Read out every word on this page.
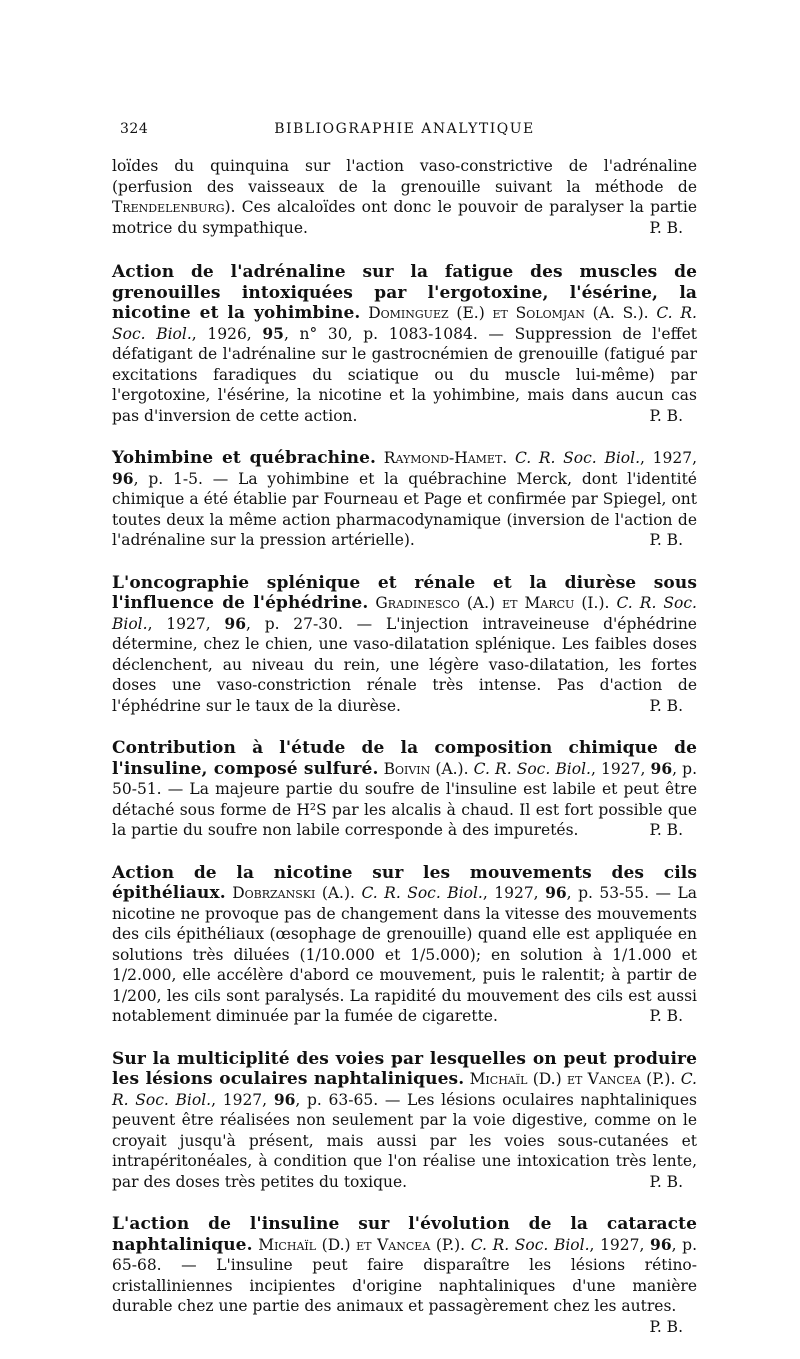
324	BIBLIOGRAPHIE ANALYTIQUE

loïdes du quinquina sur l'action vaso-constrictive de l'adrénaline (perfusion des vaisseaux de la grenouille suivant la méthode de Trendelenburg). Ces alcaloïdes ont donc le pouvoir de paralyser la partie motrice du sympathique.	P. B.

Action de l'adrénaline sur la fatigue des muscles de grenouilles intoxiquées par l'ergotoxine, l'ésérine, la nicotine et la yohimbine. Dominguez (E.) et Solomjan (A. S.). C. R. Soc. Biol., 1926, 95, n° 30, p. 1083-1084. — Suppression de l'effet défatigant de l'adrénaline sur le gastrocnémien de grenouille (fatigué par excitations faradiques du sciatique ou du muscle lui-même) par l'ergotoxine, l'ésérine, la nicotine et la yohimbine, mais dans aucun cas pas d'inversion de cette action.	P. B.

Yohimbine et québrachine. Raymond-Hamet. C. R. Soc. Biol., 1927, 96, p. 1-5. — La yohimbine et la québrachine Merck, dont l'identité chimique a été établie par Fourneau et Page et confirmée par Spiegel, ont toutes deux la même action pharmacodynamique (inversion de l'action de l'adrénaline sur la pression artérielle).	P. B.

L'oncographie splénique et rénale et la diurèse sous l'influence de l'éphédrine. Gradinesco (A.) et Marcu (I.). C. R. Soc. Biol., 1927, 96, p. 27-30. — L'injection intraveineuse d'éphédrine détermine, chez le chien, une vaso-dilatation splénique. Les faibles doses déclenchent, au niveau du rein, une légère vaso-dilatation, les fortes doses une vaso-constriction rénale très intense. Pas d'action de l'éphédrine sur le taux de la diurèse.	P. B.

Contribution à l'étude de la composition chimique de l'insuline, composé sulfuré. Boivin (A.). C. R. Soc. Biol., 1927, 96, p. 50-51. — La majeure partie du soufre de l'insuline est labile et peut être détaché sous forme de H²S par les alcalis à chaud. Il est fort possible que la partie du soufre non labile corresponde à des impuretés.	P. B.

Action de la nicotine sur les mouvements des cils épithéliaux. Dobrzanski (A.). C. R. Soc. Biol., 1927, 96, p. 53-55. — La nicotine ne provoque pas de changement dans la vitesse des mouvements des cils épithéliaux (œsophage de grenouille) quand elle est appliquée en solutions très diluées (1/10.000 et 1/5.000); en solution à 1/1.000 et 1/2.000, elle accélère d'abord ce mouvement, puis le ralentit; à partir de 1/200, les cils sont paralysés. La rapidité du mouvement des cils est aussi notablement diminuée par la fumée de cigarette.	P. B.

Sur la multiciplité des voies par lesquelles on peut produire les lésions oculaires naphtaliniques. Michaïl (D.) et Vancea (P.). C. R. Soc. Biol., 1927, 96, p. 63-65. — Les lésions oculaires naphtaliniques peuvent être réalisées non seulement par la voie digestive, comme on le croyait jusqu'à présent, mais aussi par les voies sous-cutanées et intrapéritonéales, à condition que l'on réalise une intoxication très lente, par des doses très petites du toxique.	P. B.

L'action de l'insuline sur l'évolution de la cataracte naphtalinique. Michaïl (D.) et Vancea (P.). C. R. Soc. Biol., 1927, 96, p. 65-68. — L'insuline peut faire disparaître les lésions rétino-cristalliniennes incipientes d'origine naphtaliniques d'une manière durable chez une partie des animaux et passagèrement chez les autres.
P. B.
